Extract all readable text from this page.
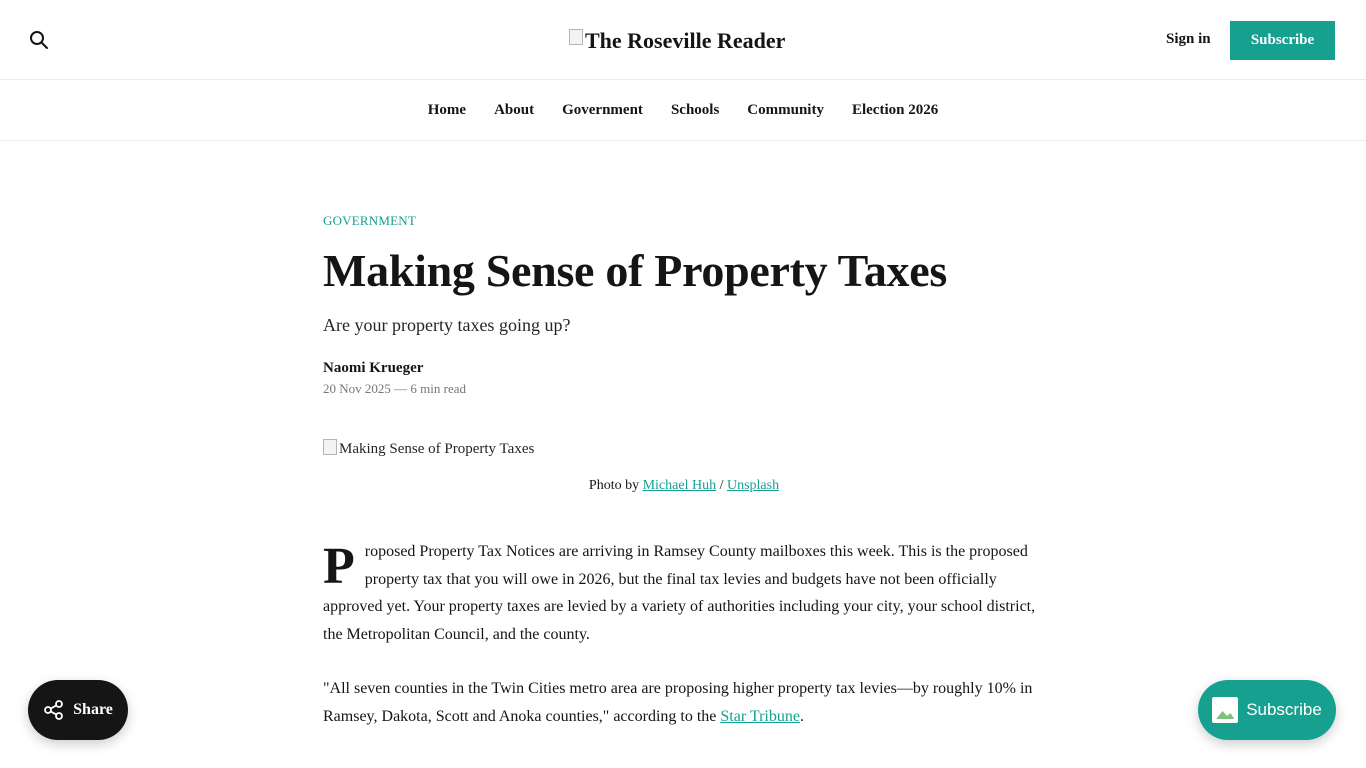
The Roseville Reader	Sign in	Subscribe
Home About Government Schools Community Election 2026
GOVERNMENT
Making Sense of Property Taxes
Are your property taxes going up?
Naomi Krueger
20 Nov 2025 — 6 min read
Making Sense of Property Taxes
Photo by Michael Huh / Unsplash

Proposed Property Tax Notices are arriving in Ramsey County mailboxes this week. This is the proposed property tax that you will owe in 2026, but the final tax levies and budgets have not been officially approved yet. Your property taxes are levied by a variety of authorities including your city, your school district, the Metropolitan Council, and the county.

"All seven counties in the Twin Cities metro area are proposing higher property tax levies—by roughly 10% in Ramsey, Dakota, Scott and Anoka counties," according to the Star Tribune.

Share	Subscribe
